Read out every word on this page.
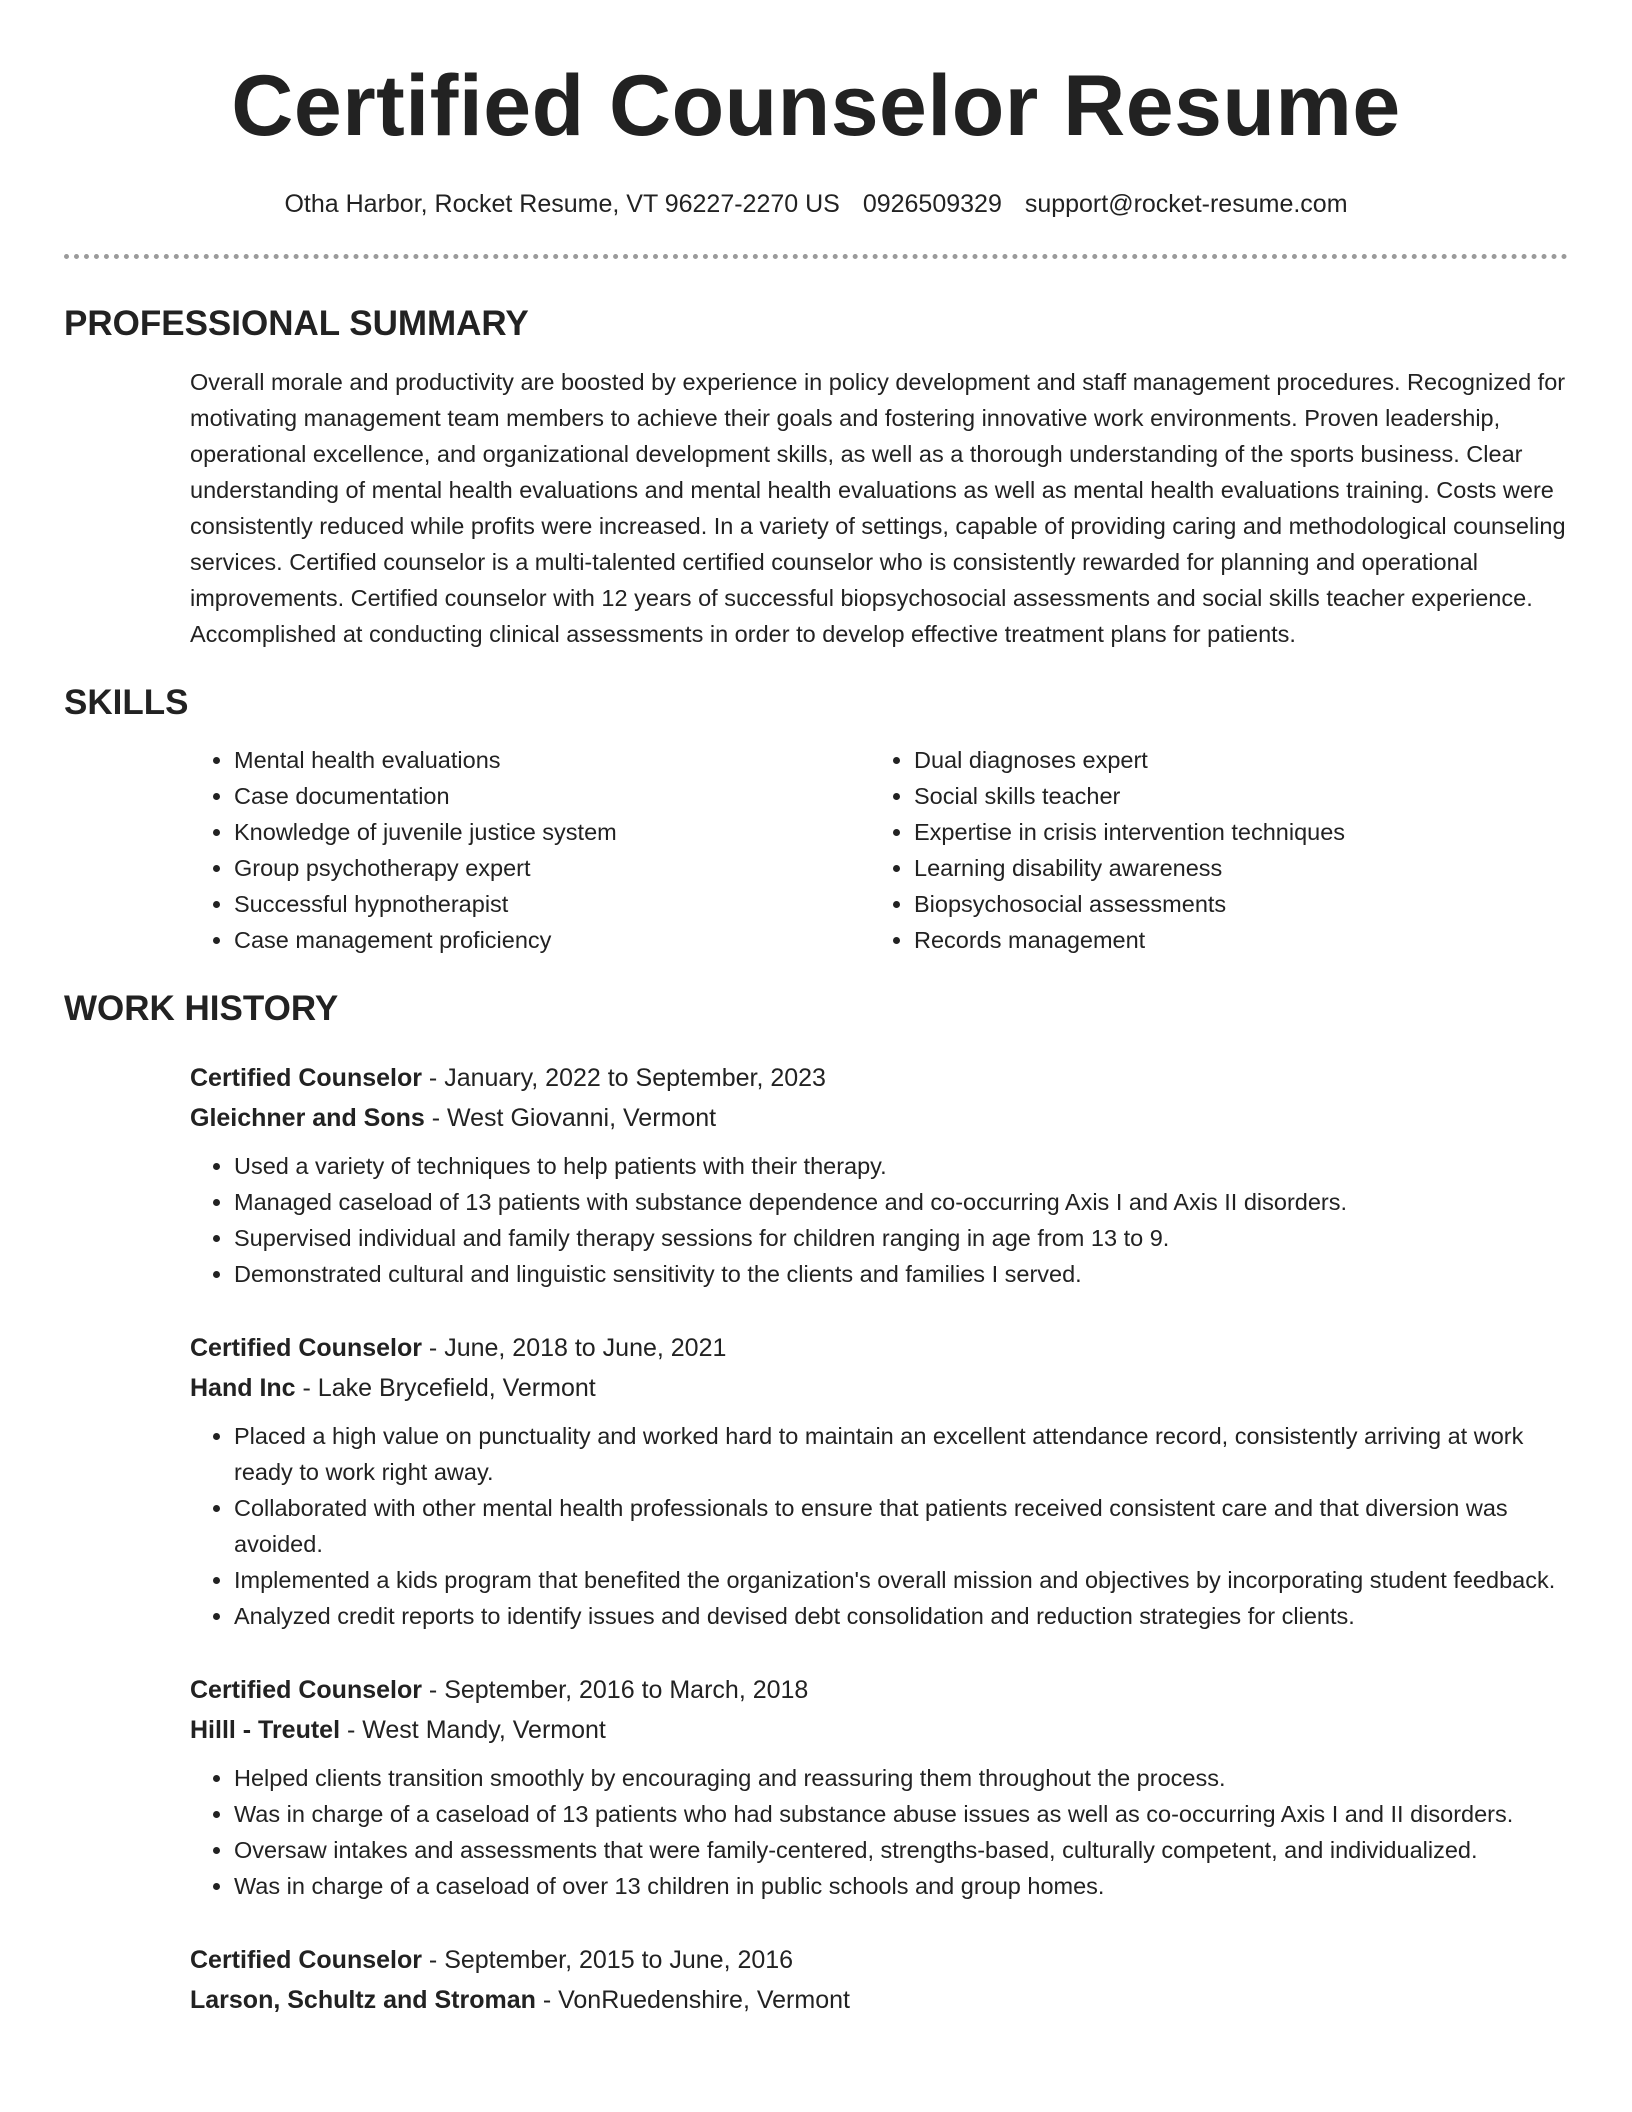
Certified Counselor Resume
Otha Harbor, Rocket Resume, VT 96227-2270 US 0926509329 support@rocket-resume.com
PROFESSIONAL SUMMARY

Overall morale and productivity are boosted by experience in policy development and staff management procedures. Recognized for motivating management team members to achieve their goals and fostering innovative work environments. Proven leadership, operational excellence, and organizational development skills, as well as a thorough understanding of the sports business. Clear understanding of mental health evaluations and mental health evaluations as well as mental health evaluations training. Costs were consistently reduced while profits were increased. In a variety of settings, capable of providing caring and methodological counseling services. Certified counselor is a multi-talented certified counselor who is consistently rewarded for planning and operational improvements. Certified counselor with 12 years of successful biopsychosocial assessments and social skills teacher experience. Accomplished at conducting clinical assessments in order to develop effective treatment plans for patients.

SKILLS
• Mental health evaluations
• Case documentation
• Knowledge of juvenile justice system
• Group psychotherapy expert
• Successful hypnotherapist
• Case management proficiency
• Dual diagnoses expert
• Social skills teacher
• Expertise in crisis intervention techniques
• Learning disability awareness
• Biopsychosocial assessments
• Records management
WORK HISTORY
Certified Counselor - January, 2022 to September, 2023
Gleichner and Sons - West Giovanni, Vermont
• Used a variety of techniques to help patients with their therapy.
• Managed caseload of 13 patients with substance dependence and co-occurring Axis I and Axis II disorders.
• Supervised individual and family therapy sessions for children ranging in age from 13 to 9.
• Demonstrated cultural and linguistic sensitivity to the clients and families I served.
Certified Counselor - June, 2018 to June, 2021
Hand Inc - Lake Brycefield, Vermont
• Placed a high value on punctuality and worked hard to maintain an excellent attendance record, consistently arriving at work ready to work right away.
• Collaborated with other mental health professionals to ensure that patients received consistent care and that diversion was avoided.
• Implemented a kids program that benefited the organization's overall mission and objectives by incorporating student feedback.
• Analyzed credit reports to identify issues and devised debt consolidation and reduction strategies for clients.
Certified Counselor - September, 2016 to March, 2018
Hilll - Treutel - West Mandy, Vermont
• Helped clients transition smoothly by encouraging and reassuring them throughout the process.
• Was in charge of a caseload of 13 patients who had substance abuse issues as well as co-occurring Axis I and II disorders.
• Oversaw intakes and assessments that were family-centered, strengths-based, culturally competent, and individualized.
• Was in charge of a caseload of over 13 children in public schools and group homes.
Certified Counselor - September, 2015 to June, 2016
Larson, Schultz and Stroman - VonRuedenshire, Vermont
